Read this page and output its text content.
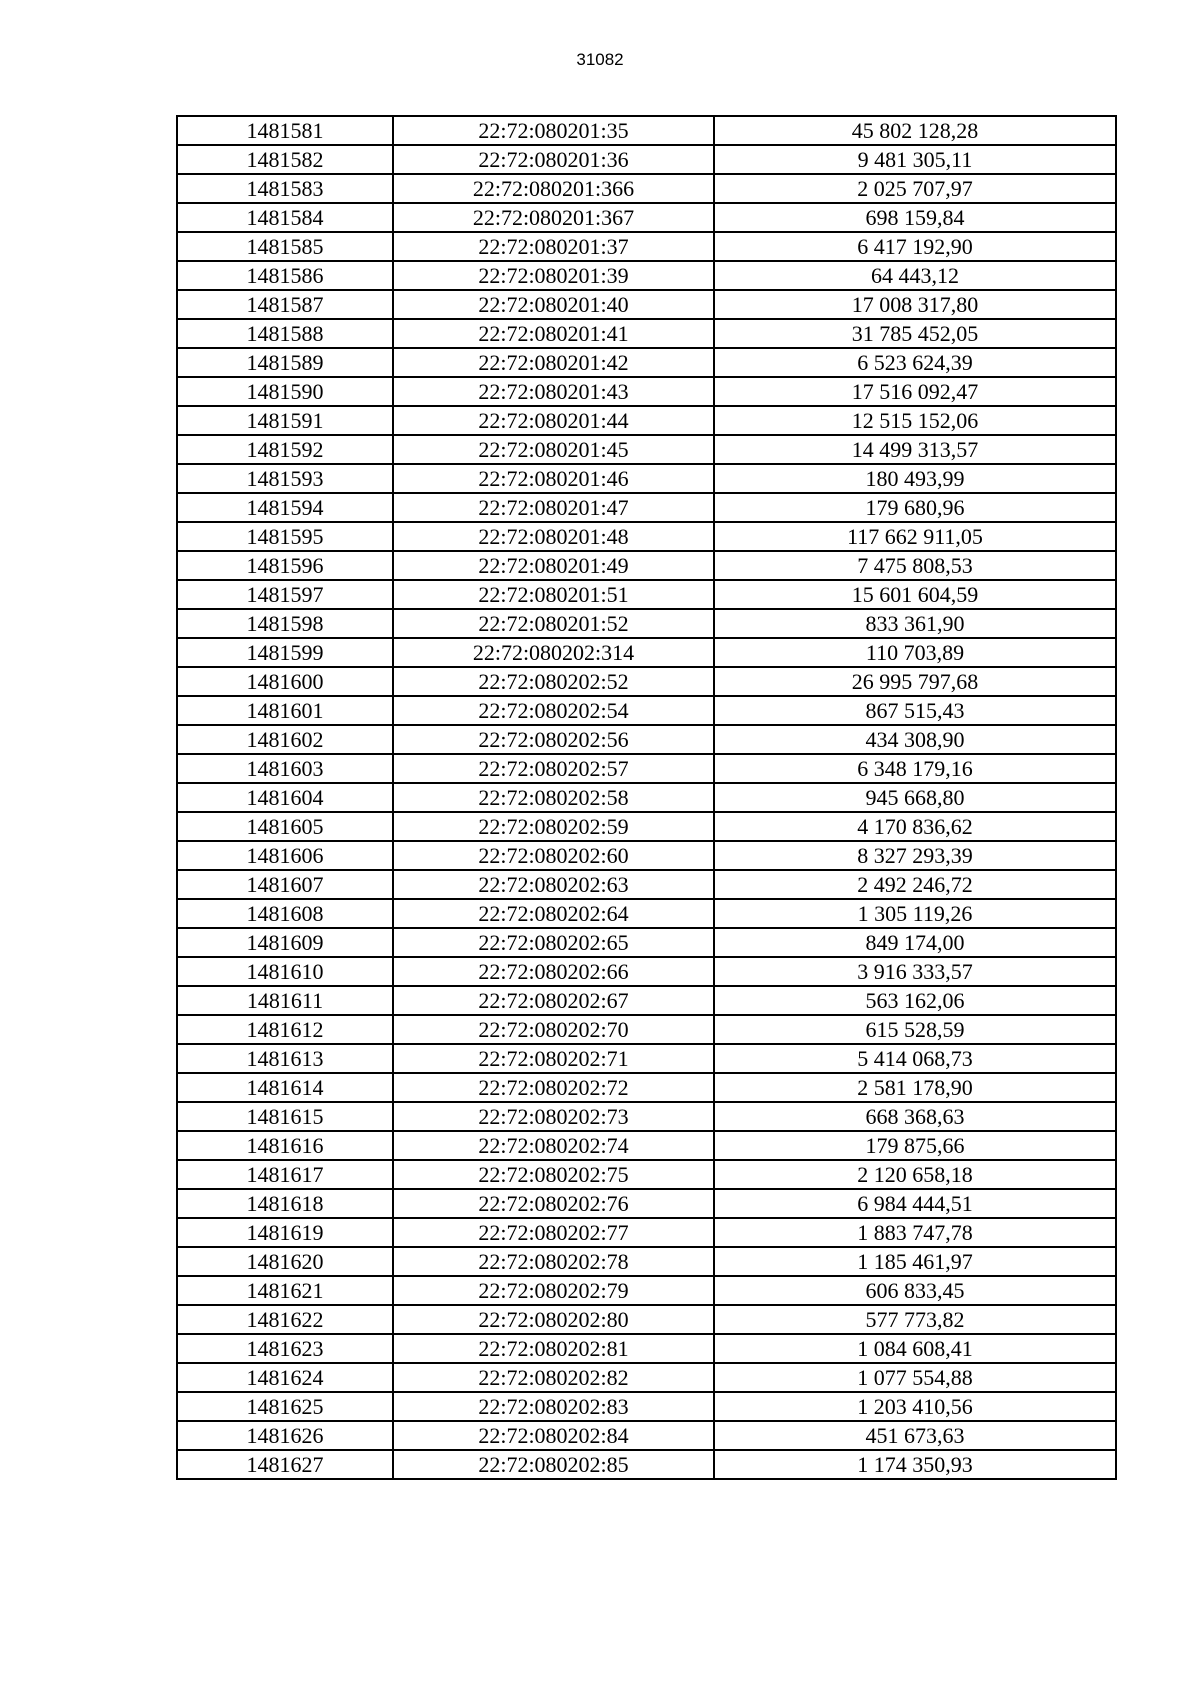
31082
1481581	22:72:080201:35	45 802 128,28
1481582	22:72:080201:36	9 481 305,11
1481583	22:72:080201:366	2 025 707,97
1481584	22:72:080201:367	698 159,84
1481585	22:72:080201:37	6 417 192,90
1481586	22:72:080201:39	64 443,12
1481587	22:72:080201:40	17 008 317,80
1481588	22:72:080201:41	31 785 452,05
1481589	22:72:080201:42	6 523 624,39
1481590	22:72:080201:43	17 516 092,47
1481591	22:72:080201:44	12 515 152,06
1481592	22:72:080201:45	14 499 313,57
1481593	22:72:080201:46	180 493,99
1481594	22:72:080201:47	179 680,96
1481595	22:72:080201:48	117 662 911,05
1481596	22:72:080201:49	7 475 808,53
1481597	22:72:080201:51	15 601 604,59
1481598	22:72:080201:52	833 361,90
1481599	22:72:080202:314	110 703,89
1481600	22:72:080202:52	26 995 797,68
1481601	22:72:080202:54	867 515,43
1481602	22:72:080202:56	434 308,90
1481603	22:72:080202:57	6 348 179,16
1481604	22:72:080202:58	945 668,80
1481605	22:72:080202:59	4 170 836,62
1481606	22:72:080202:60	8 327 293,39
1481607	22:72:080202:63	2 492 246,72
1481608	22:72:080202:64	1 305 119,26
1481609	22:72:080202:65	849 174,00
1481610	22:72:080202:66	3 916 333,57
1481611	22:72:080202:67	563 162,06
1481612	22:72:080202:70	615 528,59
1481613	22:72:080202:71	5 414 068,73
1481614	22:72:080202:72	2 581 178,90
1481615	22:72:080202:73	668 368,63
1481616	22:72:080202:74	179 875,66
1481617	22:72:080202:75	2 120 658,18
1481618	22:72:080202:76	6 984 444,51
1481619	22:72:080202:77	1 883 747,78
1481620	22:72:080202:78	1 185 461,97
1481621	22:72:080202:79	606 833,45
1481622	22:72:080202:80	577 773,82
1481623	22:72:080202:81	1 084 608,41
1481624	22:72:080202:82	1 077 554,88
1481625	22:72:080202:83	1 203 410,56
1481626	22:72:080202:84	451 673,63
1481627	22:72:080202:85	1 174 350,93
